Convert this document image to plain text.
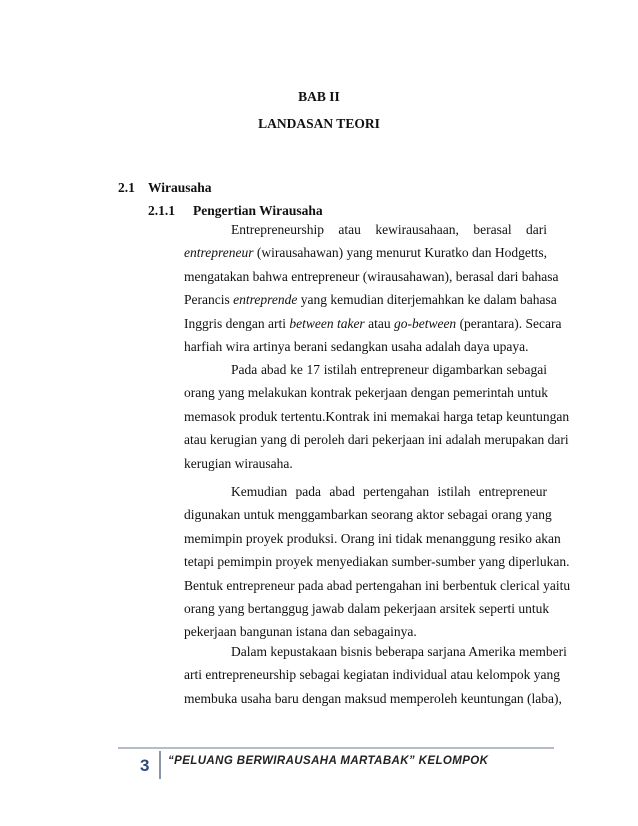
BAB II
LANDASAN TEORI
2.1 Wirausaha
2.1.1 Pengertian Wirausaha
Entrepreneurship atau kewirausahaan, berasal dari
entrepreneur (wirausahawan) yang menurut Kuratko dan Hodgetts,
mengatakan bahwa entrepreneur (wirausahawan), berasal dari bahasa
Perancis entreprende yang kemudian diterjemahkan ke dalam bahasa
Inggris dengan arti between taker atau go-between (perantara). Secara
harfiah wira artinya berani sedangkan usaha adalah daya upaya.
Pada abad ke 17 istilah entrepreneur digambarkan sebagai
orang yang melakukan kontrak pekerjaan dengan pemerintah untuk
memasok produk tertentu.Kontrak ini memakai harga tetap keuntungan
atau kerugian yang di peroleh dari pekerjaan ini adalah merupakan dari
kerugian wirausaha.
Kemudian pada abad pertengahan istilah entrepreneur
digunakan untuk menggambarkan seorang aktor sebagai orang yang
memimpin proyek produksi. Orang ini tidak menanggung resiko akan
tetapi pemimpin proyek menyediakan sumber-sumber yang diperlukan.
Bentuk entrepreneur pada abad pertengahan ini berbentuk clerical yaitu
orang yang bertanggug jawab dalam pekerjaan arsitek seperti untuk
pekerjaan bangunan istana dan sebagainya.
Dalam kepustakaan bisnis beberapa sarjana Amerika memberi
arti entrepreneurship sebagai kegiatan individual atau kelompok yang
membuka usaha baru dengan maksud memperoleh keuntungan (laba),
3 “PELUANG BERWIRAUSAHA MARTABAK” KELOMPOK
